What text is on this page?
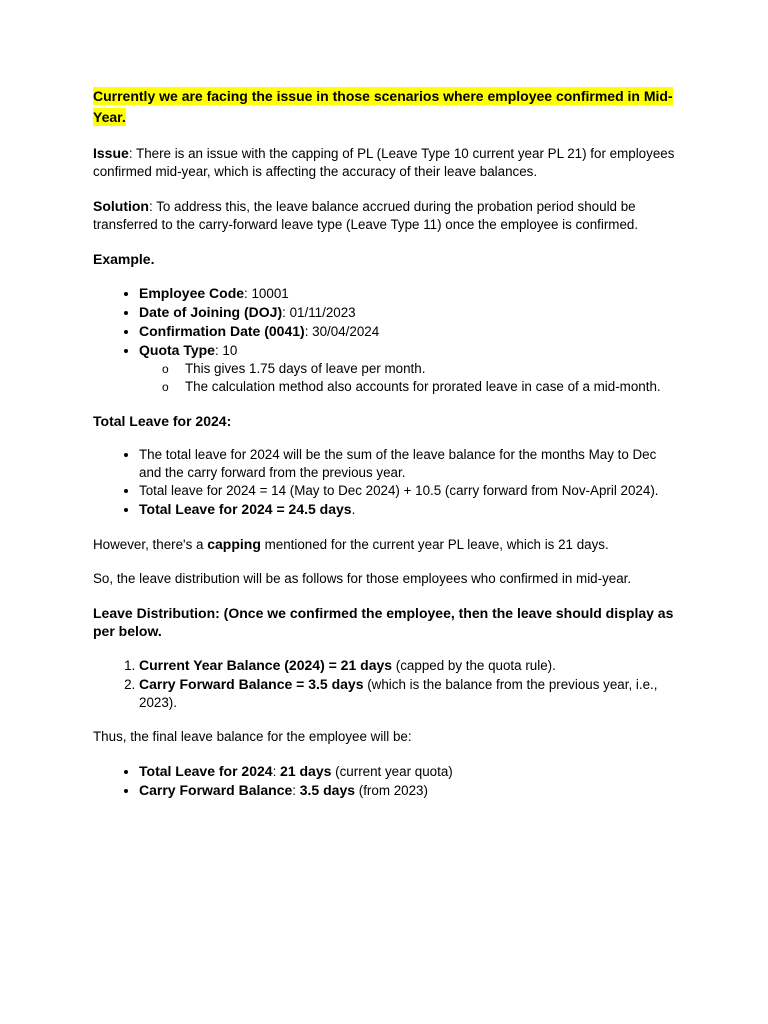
Currently we are facing the issue in those scenarios where employee confirmed in Mid-Year.

Issue: There is an issue with the capping of PL (Leave Type 10 current year PL 21) for employees confirmed mid-year, which is affecting the accuracy of their leave balances.

Solution: To address this, the leave balance accrued during the probation period should be transferred to the carry-forward leave type (Leave Type 11) once the employee is confirmed.

Example.

• Employee Code: 10001
• Date of Joining (DOJ): 01/11/2023
• Confirmation Date (0041): 30/04/2024
• Quota Type: 10
o This gives 1.75 days of leave per month.
o The calculation method also accounts for prorated leave in case of a mid-month.

Total Leave for 2024:

• The total leave for 2024 will be the sum of the leave balance for the months May to Dec and the carry forward from the previous year.
• Total leave for 2024 = 14 (May to Dec 2024) + 10.5 (carry forward from Nov-April 2024).
• Total Leave for 2024 = 24.5 days.

However, there's a capping mentioned for the current year PL leave, which is 21 days.

So, the leave distribution will be as follows for those employees who confirmed in mid-year.

Leave Distribution: (Once we confirmed the employee, then the leave should display as per below.

1. Current Year Balance (2024) = 21 days (capped by the quota rule).
2. Carry Forward Balance = 3.5 days (which is the balance from the previous year, i.e., 2023).

Thus, the final leave balance for the employee will be:

• Total Leave for 2024: 21 days (current year quota)
• Carry Forward Balance: 3.5 days (from 2023)
